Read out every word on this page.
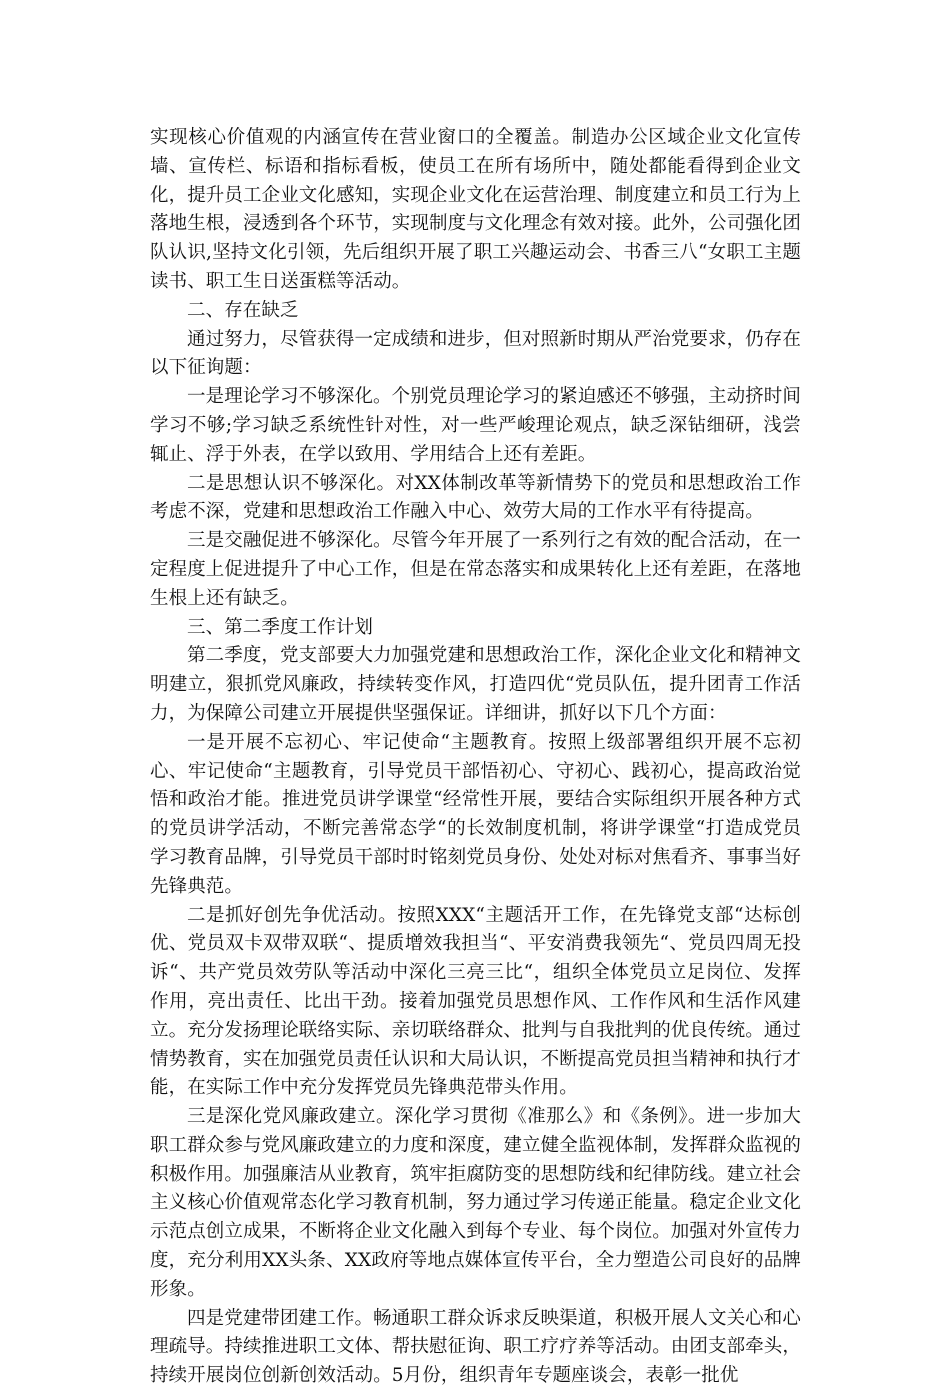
实现核心价值观的内涵宣传在营业窗口的全覆盖。制造办公区域企业文化宣传墙、宣传栏、标语和指标看板，使员工在所有场所中，随处都能看得到企业文化，提升员工企业文化感知，实现企业文化在运营治理、制度建立和员工行为上落地生根，浸透到各个环节，实现制度与文化理念有效对接。此外，公司强化团队认识,坚持文化引领，先后组织开展了职工兴趣运动会、书香三八“女职工主题读书、职工生日送蛋糕等活动。

二、存在缺乏

通过努力，尽管获得一定成绩和进步，但对照新时期从严治党要求，仍存在以下征询题：

一是理论学习不够深化。个别党员理论学习的紧迫感还不够强，主动挤时间学习不够;学习缺乏系统性针对性，对一些严峻理论观点，缺乏深钻细研，浅尝辄止、浮于外表，在学以致用、学用结合上还有差距。

二是思想认识不够深化。对XX体制改革等新情势下的党员和思想政治工作考虑不深，党建和思想政治工作融入中心、效劳大局的工作水平有待提高。

三是交融促进不够深化。尽管今年开展了一系列行之有效的配合活动，在一定程度上促进提升了中心工作，但是在常态落实和成果转化上还有差距，在落地生根上还有缺乏。

三、第二季度工作计划

第二季度，党支部要大力加强党建和思想政治工作，深化企业文化和精神文明建立，狠抓党风廉政，持续转变作风，打造四优“党员队伍，提升团青工作活力，为保障公司建立开展提供坚强保证。详细讲，抓好以下几个方面：

一是开展不忘初心、牢记使命“主题教育。按照上级部署组织开展不忘初心、牢记使命“主题教育，引导党员干部悟初心、守初心、践初心，提高政治觉悟和政治才能。推进党员讲学课堂“经常性开展，要结合实际组织开展各种方式的党员讲学活动，不断完善常态学“的长效制度机制，将讲学课堂“打造成党员学习教育品牌，引导党员干部时时铭刻党员身份、处处对标对焦看齐、事事当好先锋典范。

二是抓好创先争优活动。按照XXX“主题活开工作，在先锋党支部“达标创优、党员双卡双带双联“、提质增效我担当“、平安消费我领先“、党员四周无投诉“、共产党员效劳队等活动中深化三亮三比“，组织全体党员立足岗位、发挥作用，亮出责任、比出干劲。接着加强党员思想作风、工作作风和生活作风建立。充分发扬理论联络实际、亲切联络群众、批判与自我批判的优良传统。通过情势教育，实在加强党员责任认识和大局认识，不断提高党员担当精神和执行才能，在实际工作中充分发挥党员先锋典范带头作用。

三是深化党风廉政建立。深化学习贯彻《准那么》和《条例》。进一步加大职工群众参与党风廉政建立的力度和深度，建立健全监视体制，发挥群众监视的积极作用。加强廉洁从业教育，筑牢拒腐防变的思想防线和纪律防线。建立社会主义核心价值观常态化学习教育机制，努力通过学习传递正能量。稳定企业文化示范点创立成果，不断将企业文化融入到每个专业、每个岗位。加强对外宣传力度，充分利用XX头条、XX政府等地点媒体宣传平台，全力塑造公司良好的品牌形象。

四是党建带团建工作。畅通职工群众诉求反映渠道，积极开展人文关心和心理疏导。持续推进职工文体、帮扶慰征询、职工疗疗养等活动。由团支部牵头，持续开展岗位创新创效活动。5月份，组织青年专题座谈会，表彰一批优
